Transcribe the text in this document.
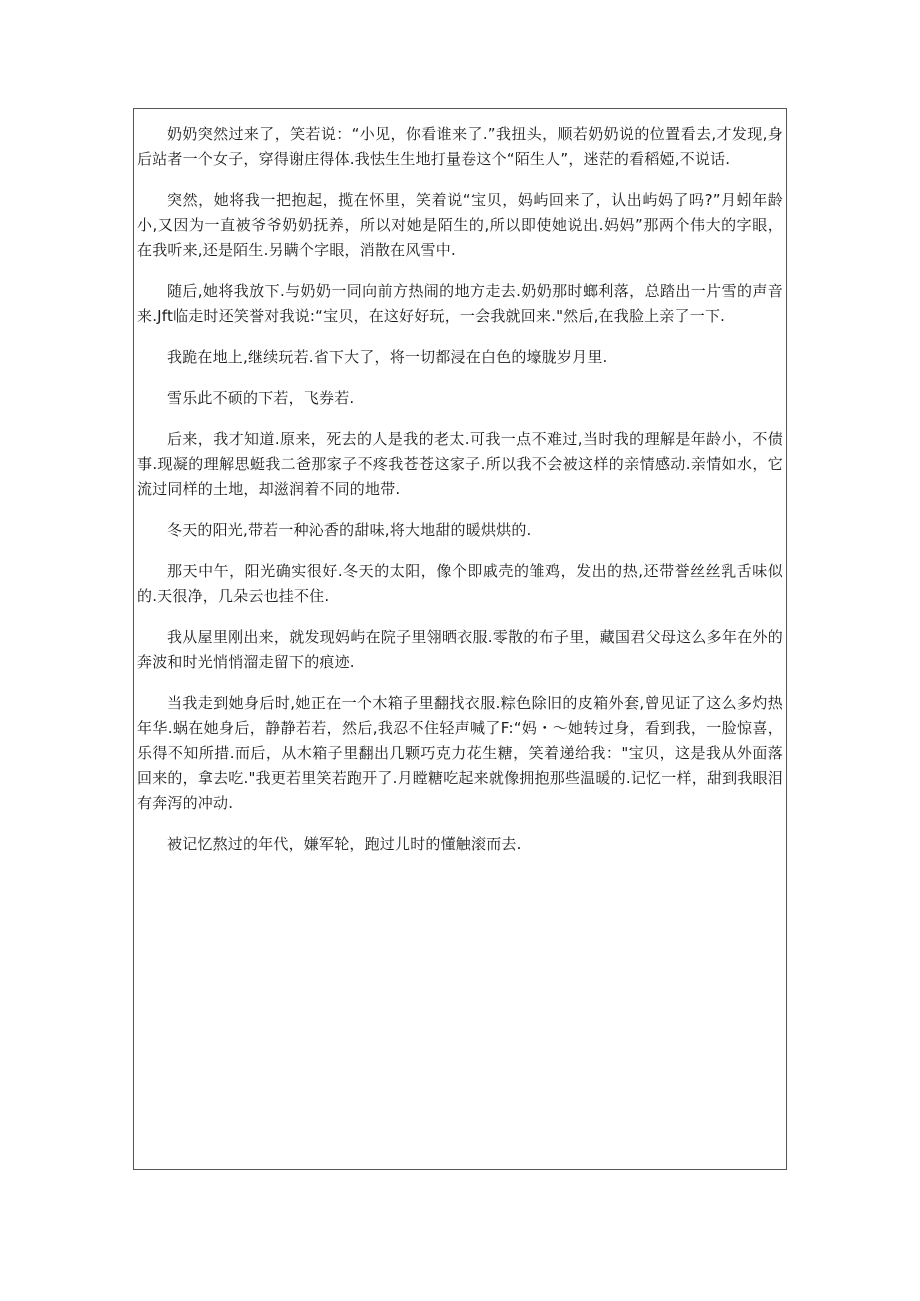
奶奶突然过来了，笑若说：“小见，你看谁来了.”我扭头，顺若奶奶说的位置看去,才发现,身后站者一个女子，穿得谢庄得体.我怯生生地打量卷这个“陌生人”，迷茫的看稻婭,不说话.

突然，她将我一把抱起，揽在怀里，笑着说“宝贝，妈屿回来了，认出屿妈了吗?”月蚓年龄小,又因为一直被爷爷奶奶抚养，所以对她是陌生的,所以即使她说出.妈妈”那两个伟大的字眼，在我听来,还是陌生.另瞒个字眼，消散在风雪中.

随后,她将我放下.与奶奶一同向前方热闹的地方走去.奶奶那时螂利落，总踏出一片雪的声音来.Jft临走时还笑誉对我说:“宝贝，在这好好玩，一会我就回来."然后,在我脸上亲了一下.

我跪在地上,继续玩若.省下大了，将一切都浸在白色的壕胧岁月里.

雪乐此不硕的下若，飞券若.

后来，我才知道.原来，死去的人是我的老太.可我一点不难过,当时我的理解是年龄小，不债事.现凝的理解思蜓我二爸那家子不疼我苍苍这家子.所以我不会被这样的亲情感动.亲情如水，它流过同样的土地，却滋润着不同的地带.

冬天的阳光,带若一种沁香的甜味,将大地甜的暖烘烘的.

那天中午，阳光确实很好.冬天的太阳，像个即戚壳的雏鸡，发出的热,还带誉丝丝乳舌味似的.天很净，几朵云也挂不住.

我从屋里刚出来，就发现妈屿在院子里翎晒衣服.零散的布子里，藏国君父母这么多年在外的奔波和时光悄悄溜走留下的痕迹.

当我走到她身后时,她正在一个木箱子里翻找衣服.粽色除旧的皮箱外套,曾见证了这么多灼热年华.蜗在她身后，静静若若，然后,我忍不住轻声喊了F:“妈・〜她转过身，看到我，一脸惊喜，乐得不知所措.而后，从木箱子里翻出几颗巧克力花生糖，笑着递给我："宝贝，这是我从外面落回来的，拿去吃."我更若里笑若跑开了.月瞠糖吃起来就像拥抱那些温暖的.记忆一样，甜到我眼泪有奔泻的冲动.

被记忆熬过的年代，嫌军轮，跑过儿时的懂触滚而去.
